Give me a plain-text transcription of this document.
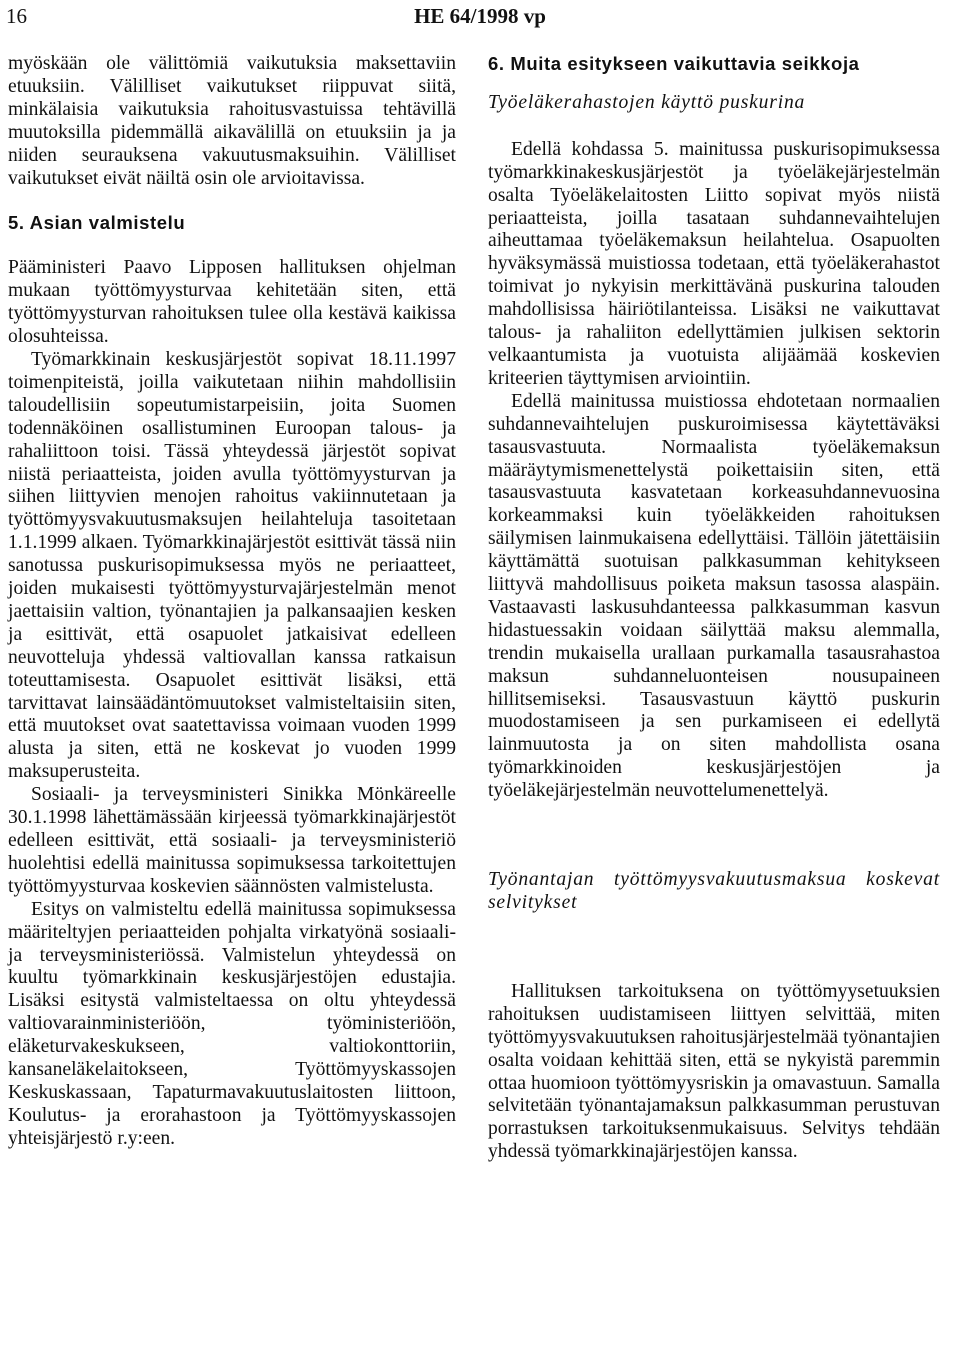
16	HE 64/1998 vp

myöskään ole välittömiä vaikutuksia maksettaviin etuuksiin. Välilliset vaikutukset riippuvat siitä, minkälaisia vaikutuksia rahoitusvastuissa tehtävillä muutoksilla pidemmällä aikavälillä on etuuksiin ja ja niiden seurauksena vakuutusmaksuihin. Välilliset vaikutukset eivät näiltä osin ole arvioitavissa.

5. Asian valmistelu

Pääministeri Paavo Lipposen hallituksen ohjelman mukaan työttömyysturvaa kehitetään siten, että työttömyysturvan rahoituksen tulee olla kestävä kaikissa olosuhteissa.

Työmarkkinain keskusjärjestöt sopivat 18.11.1997 toimenpiteistä, joilla vaikutetaan niihin mahdollisiin taloudellisiin sopeutumistarpeisiin, joita Suomen todennäköinen osallistuminen Euroopan talous- ja rahaliittoon toisi. Tässä yhteydessä järjestöt sopivat niistä periaatteista, joiden avulla työttömyysturvan ja siihen liittyvien menojen rahoitus vakiinnutetaan ja työttömyysvakuutusmaksujen heilahteluja tasoitetaan 1.1.1999 alkaen. Työmarkkinajärjestöt esittivät tässä niin sanotussa puskurisopimuksessa myös ne periaatteet, joiden mukaisesti työttömyysturvajärjestelmän menot jaettaisiin valtion, työnantajien ja palkansaajien kesken ja esittivät, että osapuolet jatkaisivat edelleen neuvotteluja yhdessä valtiovallan kanssa ratkaisun toteuttamisesta. Osapuolet esittivät lisäksi, että tarvittavat lainsäädäntömuutokset valmisteltaisiin siten, että muutokset ovat saatettavissa voimaan vuoden 1999 alusta ja siten, että ne koskevat jo vuoden 1999 maksuperusteita.

Sosiaali- ja terveysministeri Sinikka Mönkäreelle 30.1.1998 lähettämässään kirjeessä työmarkkinajärjestöt edelleen esittivät, että sosiaali- ja terveysministeriö huolehtisi edellä mainitussa sopimuksessa tarkoitettujen työttömyysturvaa koskevien säännösten valmistelusta.

Esitys on valmisteltu edellä mainitussa sopimuksessa määriteltyjen periaatteiden pohjalta virkatyönä sosiaali- ja terveysministeriössä. Valmistelun yhteydessä on kuultu työmarkkinain keskusjärjestöjen edustajia. Lisäksi esitystä valmisteltaessa on oltu yhteydessä valtiovarainministeriöön, työministeriöön, eläketurvakeskukseen, valtiokonttoriin, kansaneläkelaitokseen, Työttömyyskassojen Keskuskassaan, Tapaturmavakuutuslaitosten liittoon, Koulutus- ja erorahastoon ja Työttömyyskassojen yhteisjärjestö r.y:een.

6. Muita esitykseen vaikuttavia seikkoja

Työeläkerahastojen käyttö puskurina

Edellä kohdassa 5. mainitussa puskurisopimuksessa työmarkkinakeskusjärjestöt ja työeläkejärjestelmän osalta Työeläkelaitosten Liitto sopivat myös niistä periaatteista, joilla tasataan suhdannevaihtelujen aiheuttamaa työeläkemaksun heilahtelua. Osapuolten hyväksymässä muistiossa todetaan, että työeläkerahastot toimivat jo nykyisin merkittävänä puskurina talouden mahdollisissa häiriötilanteissa. Lisäksi ne vaikuttavat talous- ja rahaliiton edellyttämien julkisen sektorin velkaantumista ja vuotuista alijäämää koskevien kriteerien täyttymisen arviointiin.

Edellä mainitussa muistiossa ehdotetaan normaalien suhdannevaihtelujen puskuroimisessa käytettäväksi tasausvastuuta. Normaalista työeläkemaksun määräytymismenettelystä poikettaisiin siten, että tasausvastuuta kasvatetaan korkeasuhdannevuosina korkeammaksi kuin työeläkkeiden rahoituksen säilymisen lainmukaisena edellyttäisi. Tällöin jätettäisiin käyttämättä suotuisan palkkasumman kehitykseen liittyvä mahdollisuus poiketa maksun tasossa alaspäin. Vastaavasti laskusuhdanteessa palkkasumman kasvun hidastuessakin voidaan säilyttää maksu alemmalla, trendin mukaisella urallaan purkamalla tasausrahastoa maksun suhdanneluonteisen nousupaineen hillitsemiseksi. Tasausvastuun käyttö puskurin muodostamiseen ja sen purkamiseen ei edellytä lainmuutosta ja on siten mahdollista osana työmarkkinoiden keskusjärjestöjen ja työeläkejärjestelmän neuvottelumenettelyä.

Työnantajan työttömyysvakuutusmaksua koskevat selvitykset

Hallituksen tarkoituksena on työttömyysetuuksien rahoituksen uudistamiseen liittyen selvittää, miten työttömyysvakuutuksen rahoitusjärjestelmää työnantajien osalta voidaan kehittää siten, että se nykyistä paremmin ottaa huomioon työttömyysriskin ja omavastuun. Samalla selvitetään työnantajamaksun palkkasumman perustuvan porrastuksen tarkoituksenmukaisuus. Selvitys tehdään yhdessä työmarkkinajärjestöjen kanssa.
